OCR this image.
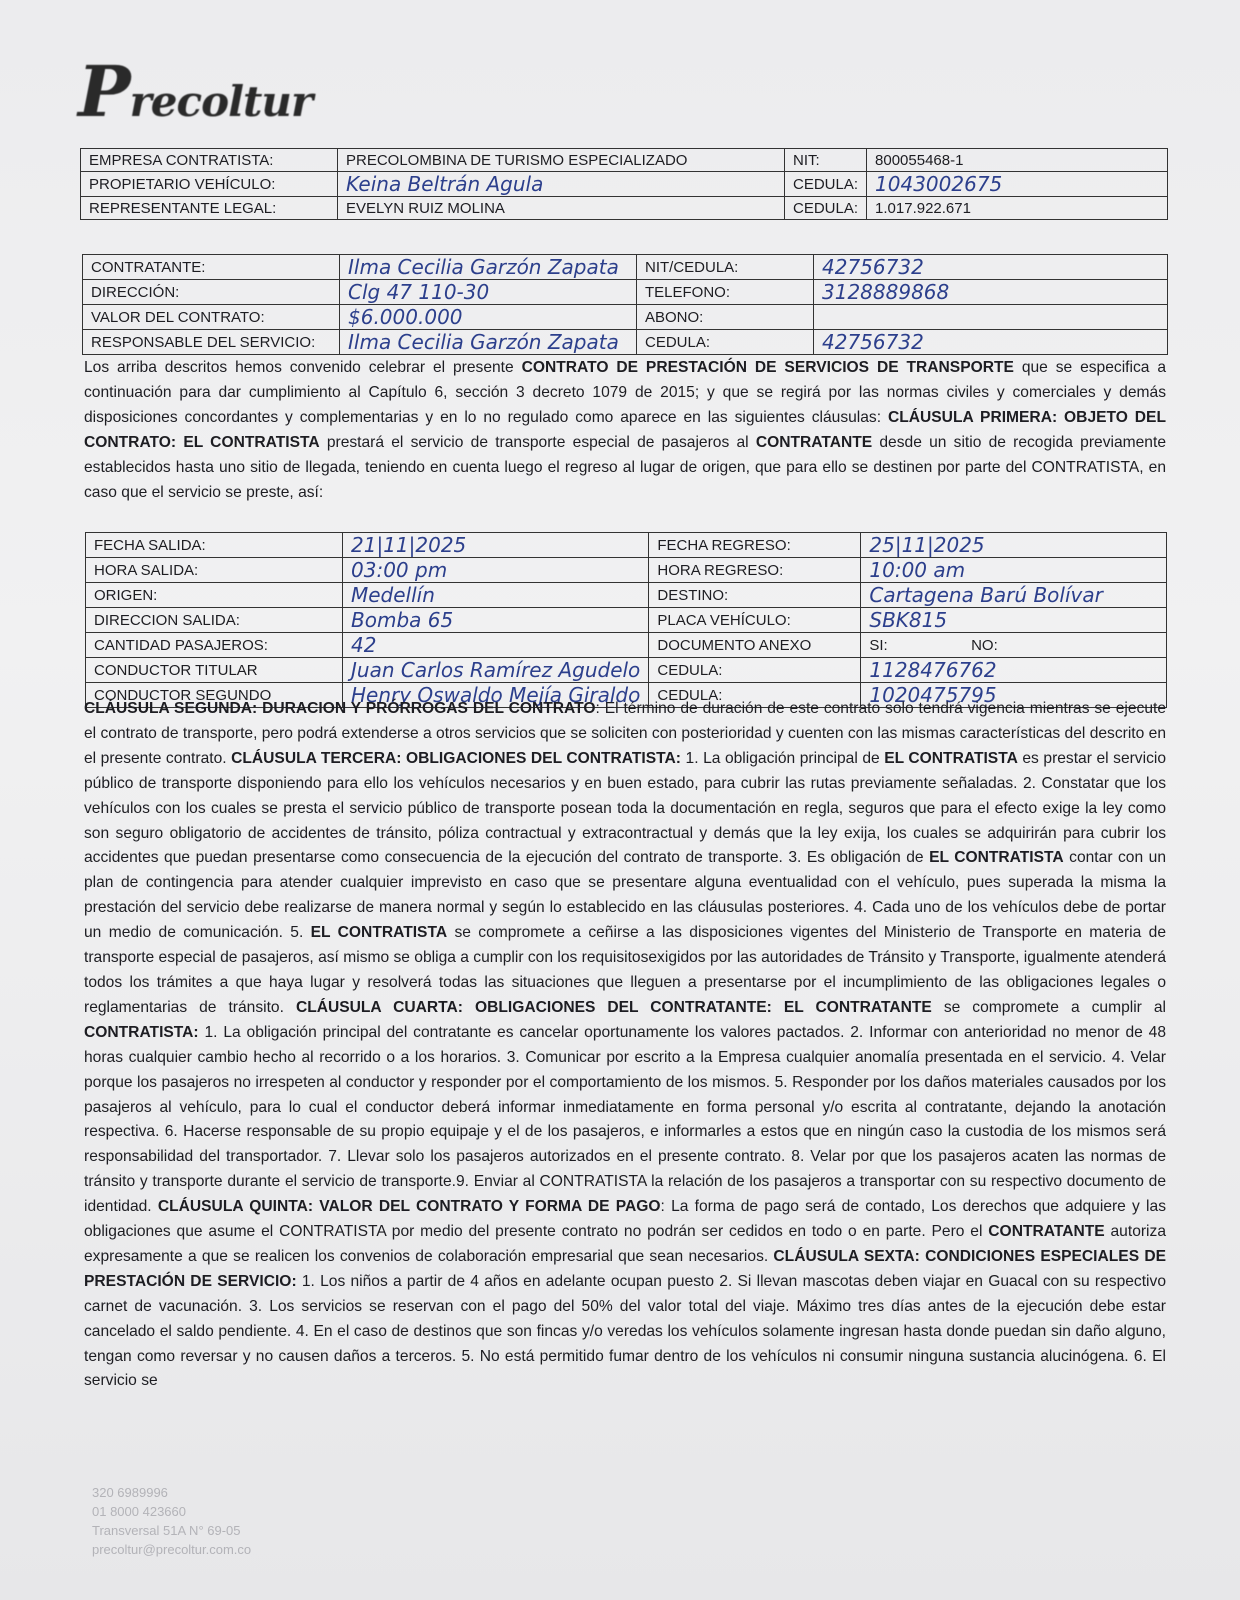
Precoltur
EMPRESA CONTRATISTA:	PRECOLOMBINA DE TURISMO ESPECIALIZADO	NIT:	800055468-1
PROPIETARIO VEHÍCULO:	Keina Beltrán Agula	CEDULA:	1043002675
REPRESENTANTE LEGAL:	EVELYN RUIZ MOLINA	CEDULA:	1.017.922.671
CONTRATANTE:	Ilma Cecilia Garzón Zapata	NIT/CEDULA:	42756732
DIRECCIÓN:	Clg 47 110-30	TELEFONO:	3128889868
VALOR DEL CONTRATO:	$6.000.000	ABONO:	
RESPONSABLE DEL SERVICIO:	Ilma Cecilia Garzón Zapata	CEDULA:	42756732
Los arriba descritos hemos convenido celebrar el presente CONTRATO DE PRESTACIÓN DE SERVICIOS DE TRANSPORTE que se especifica a continuación para dar cumplimiento al Capítulo 6, sección 3 decreto 1079 de 2015; y que se regirá por las normas civiles y comerciales y demás disposiciones concordantes y complementarias y en lo no regulado como aparece en las siguientes cláusulas: CLÁUSULA PRIMERA: OBJETO DEL CONTRATO: EL CONTRATISTA prestará el servicio de transporte especial de pasajeros al CONTRATANTE desde un sitio de recogida previamente establecidos hasta uno sitio de llegada, teniendo en cuenta luego el regreso al lugar de origen, que para ello se destinen por parte del CONTRATISTA, en caso que el servicio se preste, así:
FECHA SALIDA:	21|11|2025	FECHA REGRESO:	25|11|2025
HORA SALIDA:	03:00 pm	HORA REGRESO:	10:00 am
ORIGEN:	Medellín	DESTINO:	Cartagena Barú Bolívar
DIRECCION SALIDA:	Bomba 65	PLACA VEHÍCULO:	SBK815
CANTIDAD PASAJEROS:	42	DOCUMENTO ANEXO	SI:                    NO:
CONDUCTOR TITULAR	Juan Carlos Ramírez Agudelo	CEDULA:	1128476762
CONDUCTOR SEGUNDO	Henry Oswaldo Mejía Giraldo	CEDULA:	1020475795
CLÁUSULA SEGUNDA: DURACION Y PRÓRROGAS DEL CONTRATO: El término de duración de este contrato solo tendrá vigencia mientras se ejecute el contrato de transporte, pero podrá extenderse a otros servicios que se soliciten con posterioridad y cuenten con las mismas características del descrito en el presente contrato. CLÁUSULA TERCERA: OBLIGACIONES DEL CONTRATISTA: 1. La obligación principal de EL CONTRATISTA es prestar el servicio público de transporte disponiendo para ello los vehículos necesarios y en buen estado, para cubrir las rutas previamente señaladas. 2. Constatar que los vehículos con los cuales se presta el servicio público de transporte posean toda la documentación en regla, seguros que para el efecto exige la ley como son seguro obligatorio de accidentes de tránsito, póliza contractual y extracontractual y demás que la ley exija, los cuales se adquirirán para cubrir los accidentes que puedan presentarse como consecuencia de la ejecución del contrato de transporte. 3. Es obligación de EL CONTRATISTA contar con un plan de contingencia para atender cualquier imprevisto en caso que se presentare alguna eventualidad con el vehículo, pues superada la misma la prestación del servicio debe realizarse de manera normal y según lo establecido en las cláusulas posteriores. 4. Cada uno de los vehículos debe de portar un medio de comunicación. 5. EL CONTRATISTA se compromete a ceñirse a las disposiciones vigentes del Ministerio de Transporte en materia de transporte especial de pasajeros, así mismo se obliga a cumplir con los requisitosexigidos por las autoridades de Tránsito y Transporte, igualmente atenderá todos los trámites a que haya lugar y resolverá todas las situaciones que lleguen a presentarse por el incumplimiento de las obligaciones legales o reglamentarias de tránsito. CLÁUSULA CUARTA: OBLIGACIONES DEL CONTRATANTE: EL CONTRATANTE se compromete a cumplir al CONTRATISTA: 1. La obligación principal del contratante es cancelar oportunamente los valores pactados. 2. Informar con anterioridad no menor de 48 horas cualquier cambio hecho al recorrido o a los horarios. 3. Comunicar por escrito a la Empresa cualquier anomalía presentada en el servicio. 4. Velar porque los pasajeros no irrespeten al conductor y responder por el comportamiento de los mismos. 5. Responder por los daños materiales causados por los pasajeros al vehículo, para lo cual el conductor deberá informar inmediatamente en forma personal y/o escrita al contratante, dejando la anotación respectiva. 6. Hacerse responsable de su propio equipaje y el de los pasajeros, e informarles a estos que en ningún caso la custodia de los mismos será responsabilidad del transportador. 7. Llevar solo los pasajeros autorizados en el presente contrato. 8. Velar por que los pasajeros acaten las normas de tránsito y transporte durante el servicio de transporte.9. Enviar al CONTRATISTA la relación de los pasajeros a transportar con su respectivo documento de identidad. CLÁUSULA QUINTA: VALOR DEL CONTRATO Y FORMA DE PAGO: La forma de pago será de contado, Los derechos que adquiere y las obligaciones que asume el CONTRATISTA por medio del presente contrato no podrán ser cedidos en todo o en parte. Pero el CONTRATANTE autoriza expresamente a que se realicen los convenios de colaboración empresarial que sean necesarios. CLÁUSULA SEXTA: CONDICIONES ESPECIALES DE PRESTACIÓN DE SERVICIO: 1. Los niños a partir de 4 años en adelante ocupan puesto 2. Si llevan mascotas deben viajar en Guacal con su respectivo carnet de vacunación. 3. Los servicios se reservan con el pago del 50% del valor total del viaje. Máximo tres días antes de la ejecución debe estar cancelado el saldo pendiente. 4. En el caso de destinos que son fincas y/o veredas los vehículos solamente ingresan hasta donde puedan sin daño alguno, tengan como reversar y no causen daños a terceros. 5. No está permitido fumar dentro de los vehículos ni consumir ninguna sustancia alucinógena. 6. El servicio se
320 6989996
01 8000 423660
Transversal 51A N° 69-05
precoltur@precoltur.com.co
